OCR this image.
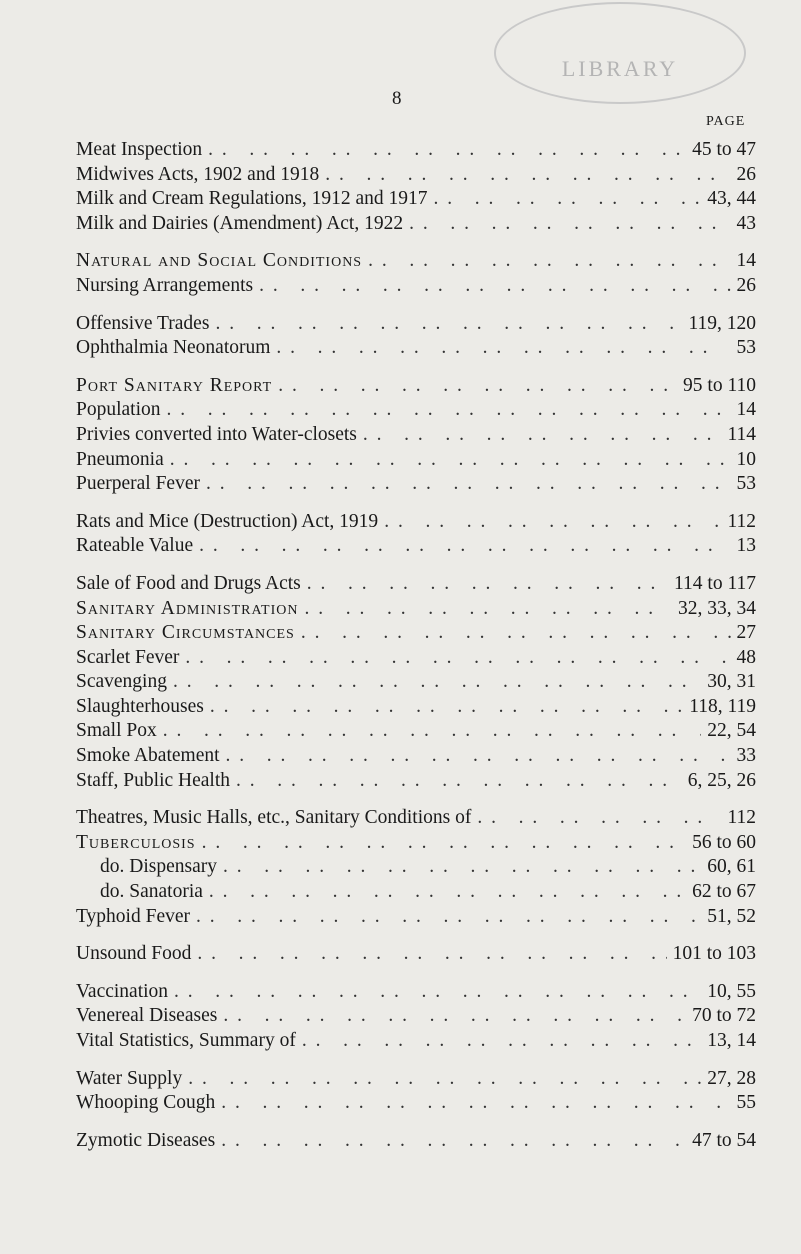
8
LIBRARY
PAGE
Meat Inspection . .	45 to 47
Midwives Acts, 1902 and 1918 . .	26
Milk and Cream Regulations, 1912 and 1917 . .	43, 44
Milk and Dairies (Amendment) Act, 1922 . .	43
Natural and Social Conditions . .	14
Nursing Arrangements . .	26
Offensive Trades . .	119, 120
Ophthalmia Neonatorum . .	53
Port Sanitary Report . .	95 to 110
Population . .	14
Privies converted into Water-closets . .	114
Pneumonia . .	10
Puerperal Fever . .	53
Rats and Mice (Destruction) Act, 1919 . .	112
Rateable Value . .	13
Sale of Food and Drugs Acts . .	114 to 117
Sanitary Administration . .	32, 33, 34
Sanitary Circumstances . .	27
Scarlet Fever . .	48
Scavenging . .	30, 31
Slaughterhouses . .	118, 119
Small Pox . .	22, 54
Smoke Abatement . .	33
Staff, Public Health . .	6, 25, 26
Theatres, Music Halls, etc., Sanitary Conditions of . .	112
Tuberculosis . .	56 to 60
do. Dispensary . .	60, 61
do. Sanatoria . .	62 to 67
Typhoid Fever . .	51, 52
Unsound Food . .	101 to 103
Vaccination . .	10, 55
Venereal Diseases . .	70 to 72
Vital Statistics, Summary of . .	13, 14
Water Supply . .	27, 28
Whooping Cough . .	55
Zymotic Diseases . .	47 to 54
